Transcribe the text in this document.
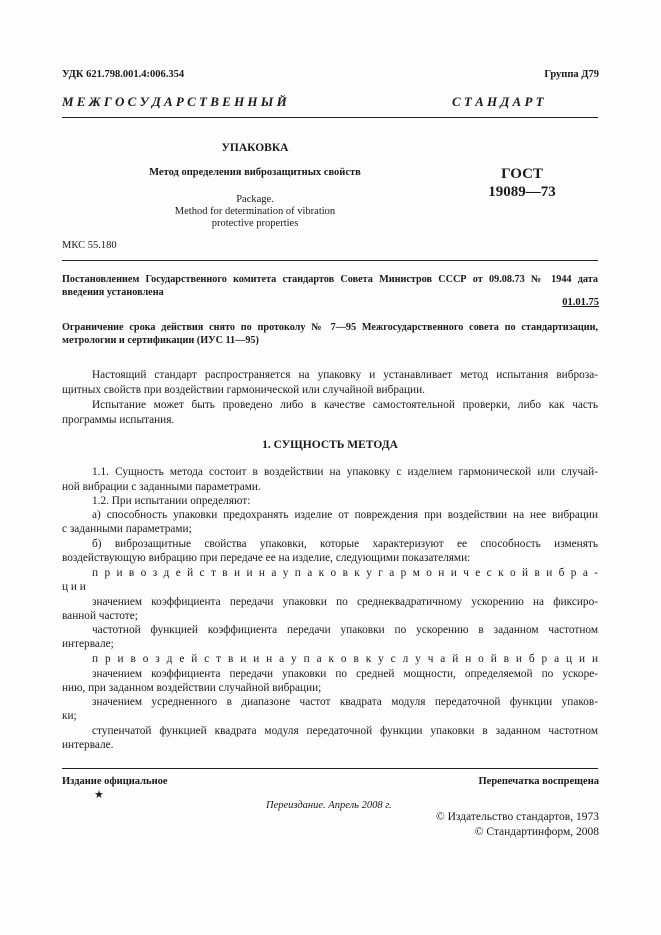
УДК 621.798.001.4:006.354	Группа Д79
М Е Ж Г О С У Д А Р С Т В Е Н Н Ы Й	С Т А Н Д А Р Т
УПАКОВКА
Метод определения виброзащитных свойств
Package.
Method for determination of vibration
protective properties
ГОСТ
19089—73
МКС 55.180
Постановлением Государственного комитета стандартов Совета Министров СССР от 09.08.73 № 1944 дата
введения установлена
01.01.75
Ограничение срока действия снято по протоколу № 7—95 Межгосударственного совета по стандартизации,
метрологии и сертификации (ИУС 11—95)
Настоящий стандарт распространяется на упаковку и устанавливает метод испытания виброза-
щитных свойств при воздействии гармонической или случайной вибрации.
Испытание может быть проведено либо в качестве самостоятельной проверки, либо как часть
программы испытания.
1. СУЩНОСТЬ МЕТОДА
1.1. Сущность метода состоит в воздействии на упаковку с изделием гармонической или случай-
ной вибрации с заданными параметрами.
1.2. При испытании определяют:
а) способность упаковки предохранять изделие от повреждения при воздействии на нее вибрации
с заданными параметрами;
б) виброзащитные свойства упаковки, которые характеризуют ее способность изменять
воздействующую вибрацию при передаче ее на изделие, следующими показателями:
п р и в о з д е й с т в и и н а у п а к о в к у г а р м о н и ч е с к о й в и б р а -
ц и и
значением коэффициента передачи упаковки по среднеквадратичному ускорению на фиксиро-
ванной частоте;
частотной функцией коэффициента передачи упаковки по ускорению в заданном частотном
интервале;
п р и в о з д е й с т в и и н а у п а к о в к у с л у ч а й н о й в и б р а ц и и
значением коэффициента передачи упаковки по средней мощности, определяемой по ускоре-
нию, при заданном воздействии случайной вибрации;
значением усредненного в диапазоне частот квадрата модуля передаточной функции упаков-
ки;
ступенчатой функцией квадрата модуля передаточной функции упаковки в заданном частотном
интервале.
Издание официальное
★
Перепечатка воспрещена
Переиздание. Апрель 2008 г.
© Издательство стандартов, 1973
© Стандартинформ, 2008
